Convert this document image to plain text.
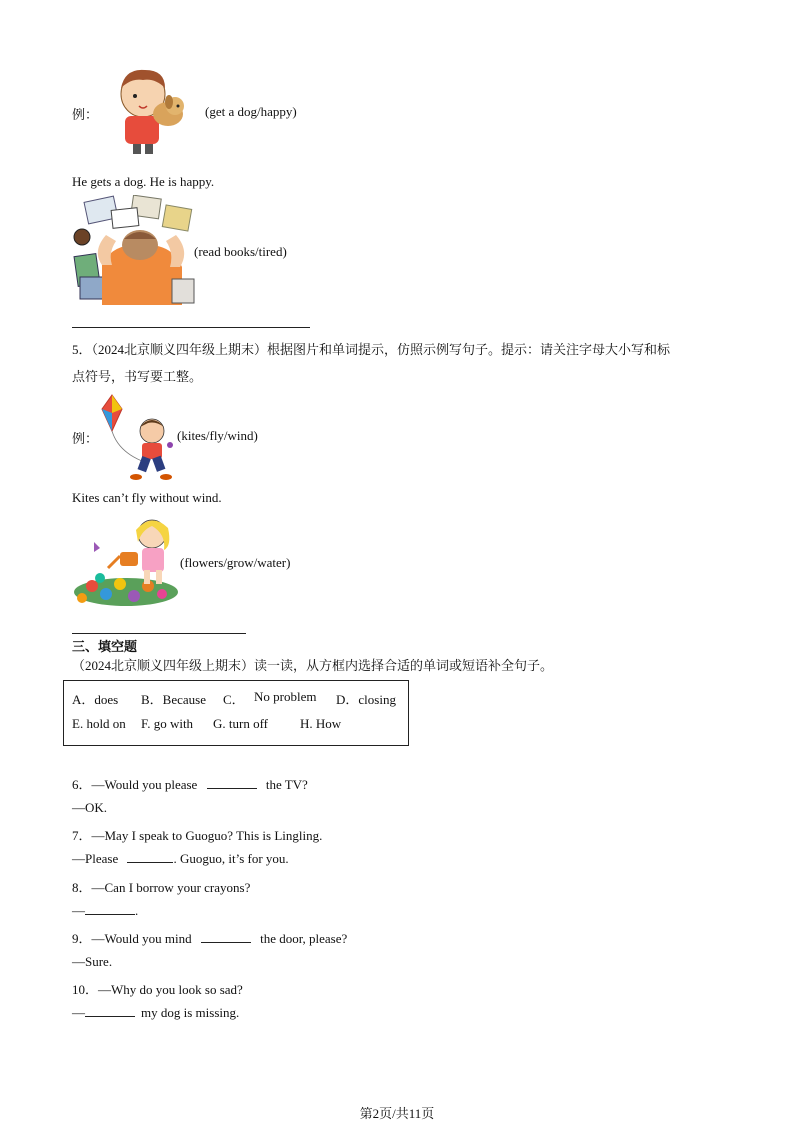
例：	(get a dog/happy)
He gets a dog. He is happy.
(read books/tired)
5．（2024北京顺义四年级上期末）根据图片和单词提示，仿照示例写句子。提示：请关注字母大小写和标
点符号，书写要工整。
例：	(kites/fly/wind)
Kites can’t fly without wind.
(flowers/grow/water)
三、填空题
（2024北京顺义四年级上期末）读一读，从方框内选择合适的单词或短语补全句子。
A．does B．Because C． No problem D．closing
E. hold on F. go with G. turn off H. How
6．—Would you please	the TV?
—OK.
7．—May I speak to Guoguo? This is Lingling.
—Please	. Guoguo, it’s for you.
8．—Can I borrow your crayons?
—	.
9．—Would you mind	the door, please?
—Sure.
10．—Why do you look so sad?
—	my dog is missing.
第2页/共11页
